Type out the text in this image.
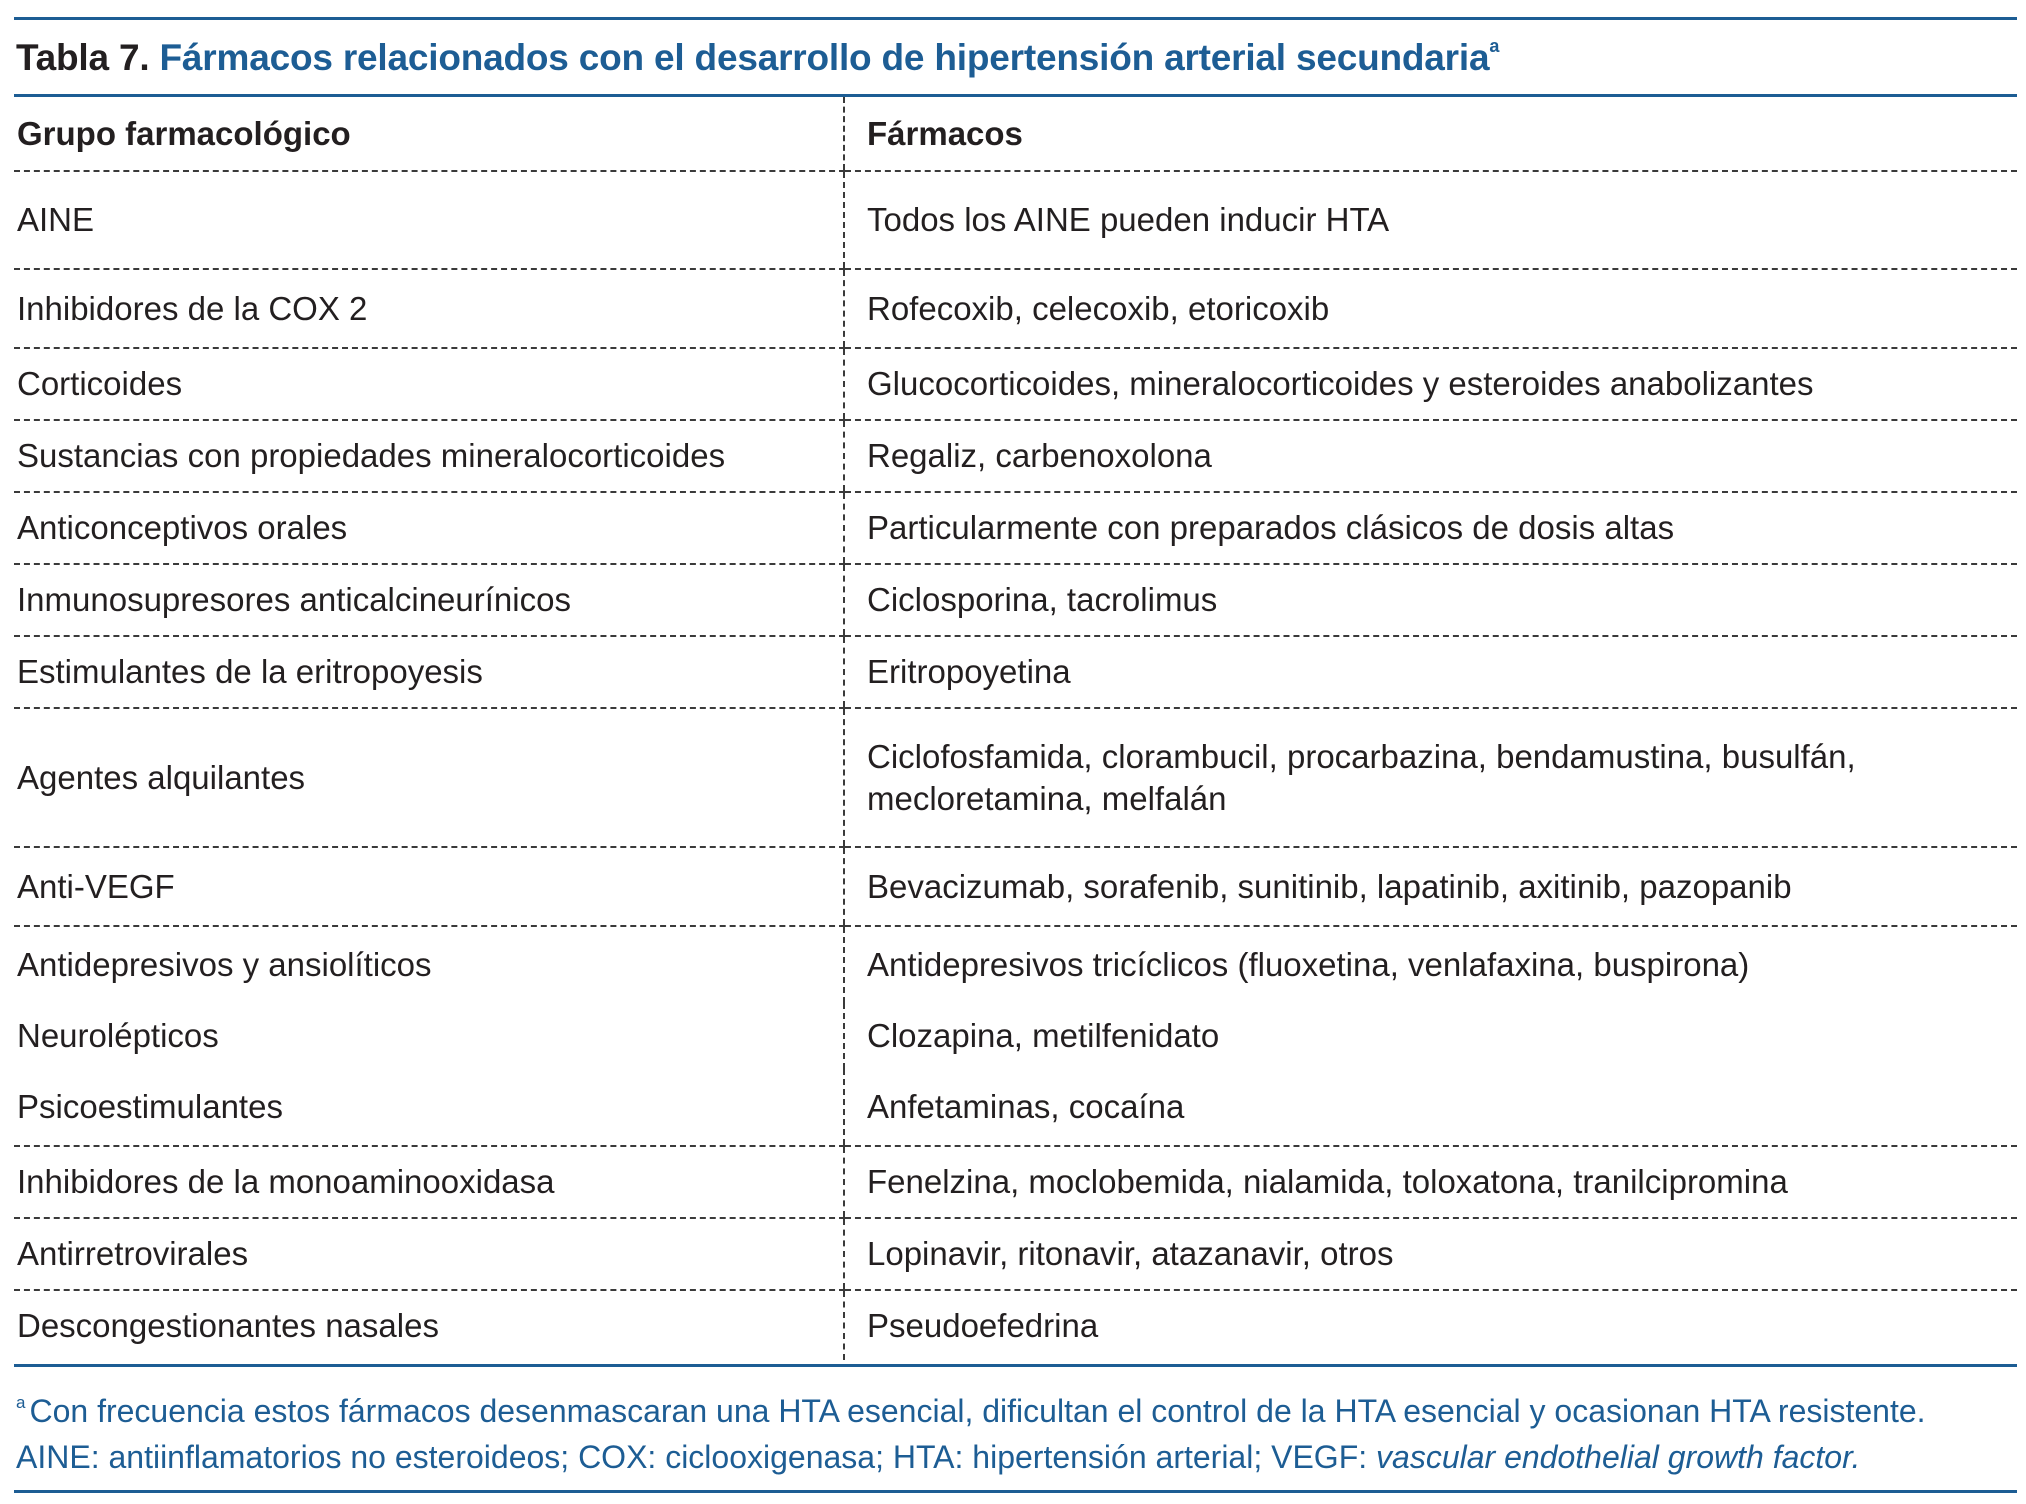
Tabla 7. Fármacos relacionados con el desarrollo de hipertensión arterial secundaria$^a$
Grupo farmacológico	Fármacos
AINE	Todos los AINE pueden inducir HTA
Inhibidores de la COX 2	Rofecoxib, celecoxib, etoricoxib
Corticoides	Glucocorticoides, mineralocorticoides y esteroides anabolizantes
Sustancias con propiedades mineralocorticoides	Regaliz, carbenoxolona
Anticonceptivos orales	Particularmente con preparados clásicos de dosis altas
Inmunosupresores anticalcineurínicos	Ciclosporina, tacrolimus
Estimulantes de la eritropoyesis	Eritropoyetina
Agentes alquilantes	Ciclofosfamida, clorambucil, procarbazina, bendamustina, busulfán,
mecloretamina, melfalán

Anti-VEGF	Bevacizumab, sorafenib, sunitinib, lapatinib, axitinib, pazopanib
Antidepresivos y ansiolíticos	Antidepresivos tricíclicos (fluoxetina, venlafaxina, buspirona)
Neurolépticos	Clozapina, metilfenidato
Psicoestimulantes	Anfetaminas, cocaína
Inhibidores de la monoaminooxidasa	Fenelzina, moclobemida, nialamida, toloxatona, tranilcipromina
Antirretrovirales	Lopinavir, ritonavir, atazanavir, otros
Descongestionantes nasales	Pseudoefedrina

$^a$ Con frecuencia estos fármacos desenmascaran una HTA esencial, dificultan el control de la HTA esencial y ocasionan HTA resistente.

AINE: antiinflamatorios no esteroideos; COX: ciclooxigenasa; HTA: hipertensión arterial; VEGF: vascular endothelial growth factor.
